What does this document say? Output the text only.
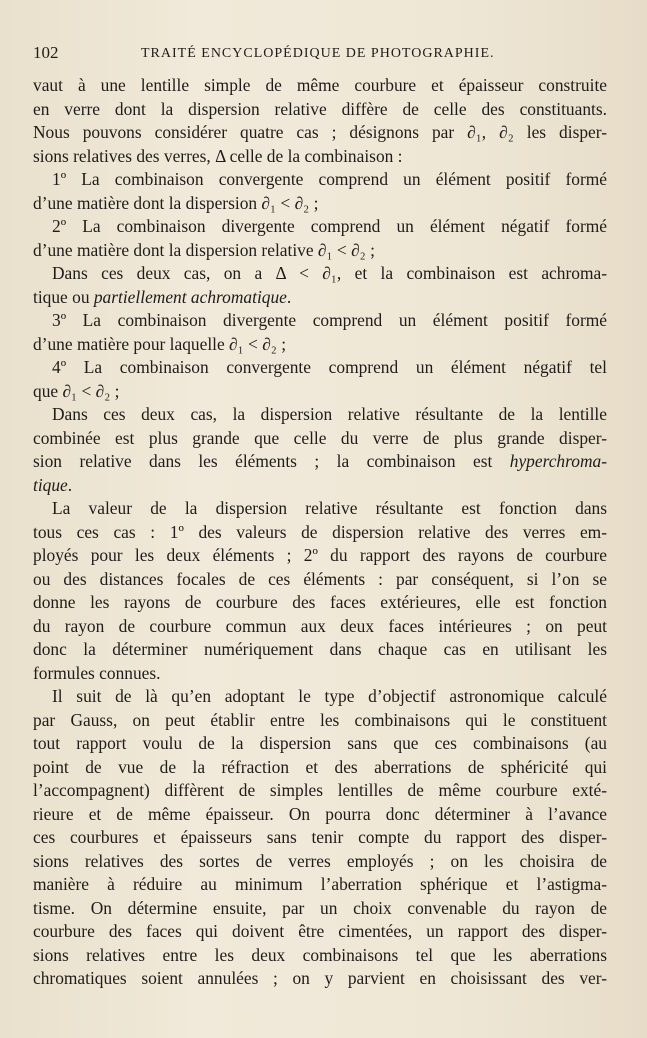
102	TRAITÉ ENCYCLOPÉDIQUE DE PHOTOGRAPHIE.
vaut à une lentille simple de même courbure et épaisseur construite
en verre dont la dispersion relative diffère de celle des constituants.
Nous pouvons considérer quatre cas ; désignons par ∂₁, ∂₂ les disper-
sions relatives des verres, Δ celle de la combinaison :
1º La combinaison convergente comprend un élément positif formé
d’une matière dont la dispersion ∂₁ < ∂₂ ;
2º La combinaison divergente comprend un élément négatif formé
d’une matière dont la dispersion relative ∂₁ < ∂₂ ;
Dans ces deux cas, on a Δ < ∂₁, et la combinaison est achroma-
tique ou partiellement achromatique.
3º La combinaison divergente comprend un élément positif formé
d’une matière pour laquelle ∂₁ < ∂₂ ;
4º La combinaison convergente comprend un élément négatif tel
que ∂₁ < ∂₂ ;
Dans ces deux cas, la dispersion relative résultante de la lentille
combinée est plus grande que celle du verre de plus grande disper-
sion relative dans les éléments ; la combinaison est hyperchroma-
tique.
La valeur de la dispersion relative résultante est fonction dans
tous ces cas : 1º des valeurs de dispersion relative des verres em-
ployés pour les deux éléments ; 2º du rapport des rayons de courbure
ou des distances focales de ces éléments : par conséquent, si l’on se
donne les rayons de courbure des faces extérieures, elle est fonction
du rayon de courbure commun aux deux faces intérieures ; on peut
donc la déterminer numériquement dans chaque cas en utilisant les
formules connues.
Il suit de là qu’en adoptant le type d’objectif astronomique calculé
par Gauss, on peut établir entre les combinaisons qui le constituent
tout rapport voulu de la dispersion sans que ces combinaisons (au
point de vue de la réfraction et des aberrations de sphéricité qui
l’accompagnent) diffèrent de simples lentilles de même courbure exté-
rieure et de même épaisseur. On pourra donc déterminer à l’avance
ces courbures et épaisseurs sans tenir compte du rapport des disper-
sions relatives des sortes de verres employés ; on les choisira de
manière à réduire au minimum l’aberration sphérique et l’astigma-
tisme. On détermine ensuite, par un choix convenable du rayon de
courbure des faces qui doivent être cimentées, un rapport des disper-
sions relatives entre les deux combinaisons tel que les aberrations
chromatiques soient annulées ; on y parvient en choisissant des ver-
